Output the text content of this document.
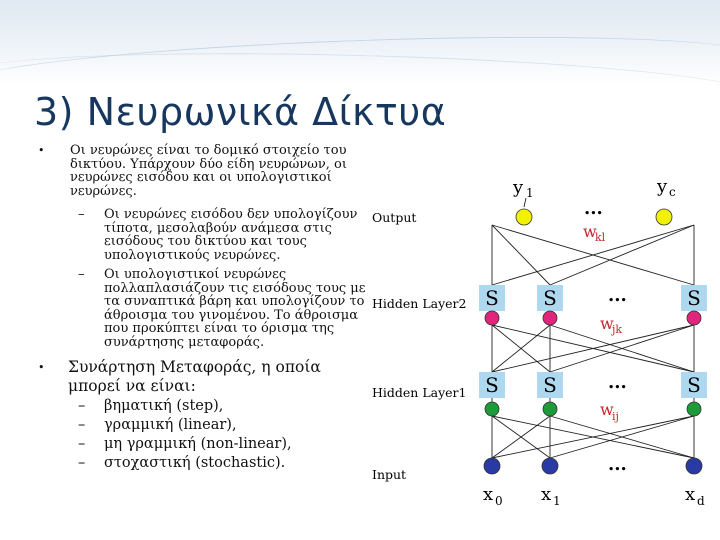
3) Νευρωνικά Δίκτυα
• Οι νευρώνες είναι το δομικό στοιχείο του δικτύου. Υπάρχουν δύο είδη νευρώνων, οι νευρώνες εισόδου και οι υπολογιστικοί νευρώνες.
– Οι νευρώνες εισόδου δεν υπολογίζουν τίποτα, μεσολαβούν ανάμεσα στις εισόδους του δικτύου και τους υπολογιστικούς νευρώνες.
– Οι υπολογιστικοί νευρώνες πολλαπλασιάζουν τις εισόδους τους με τα συναπτικά βάρη και υπολογίζουν το άθροισμα του γινομένου. Το άθροισμα που προκύπτει είναι το όρισμα της συνάρτησης μεταφοράς.
• Συνάρτηση Μεταφοράς, η οποία μπορεί να είναι:
– βηματική (step),
– γραμμική (linear),
– μη γραμμική (non-linear),
– στοχαστική (stochastic).
Output
Hidden Layer2
Hidden Layer1
Input
y 1	y c
x 0 x 1	x d
w
kl
w
jk
w
ij
...
...
...
...
S
S
S
S
S
S
